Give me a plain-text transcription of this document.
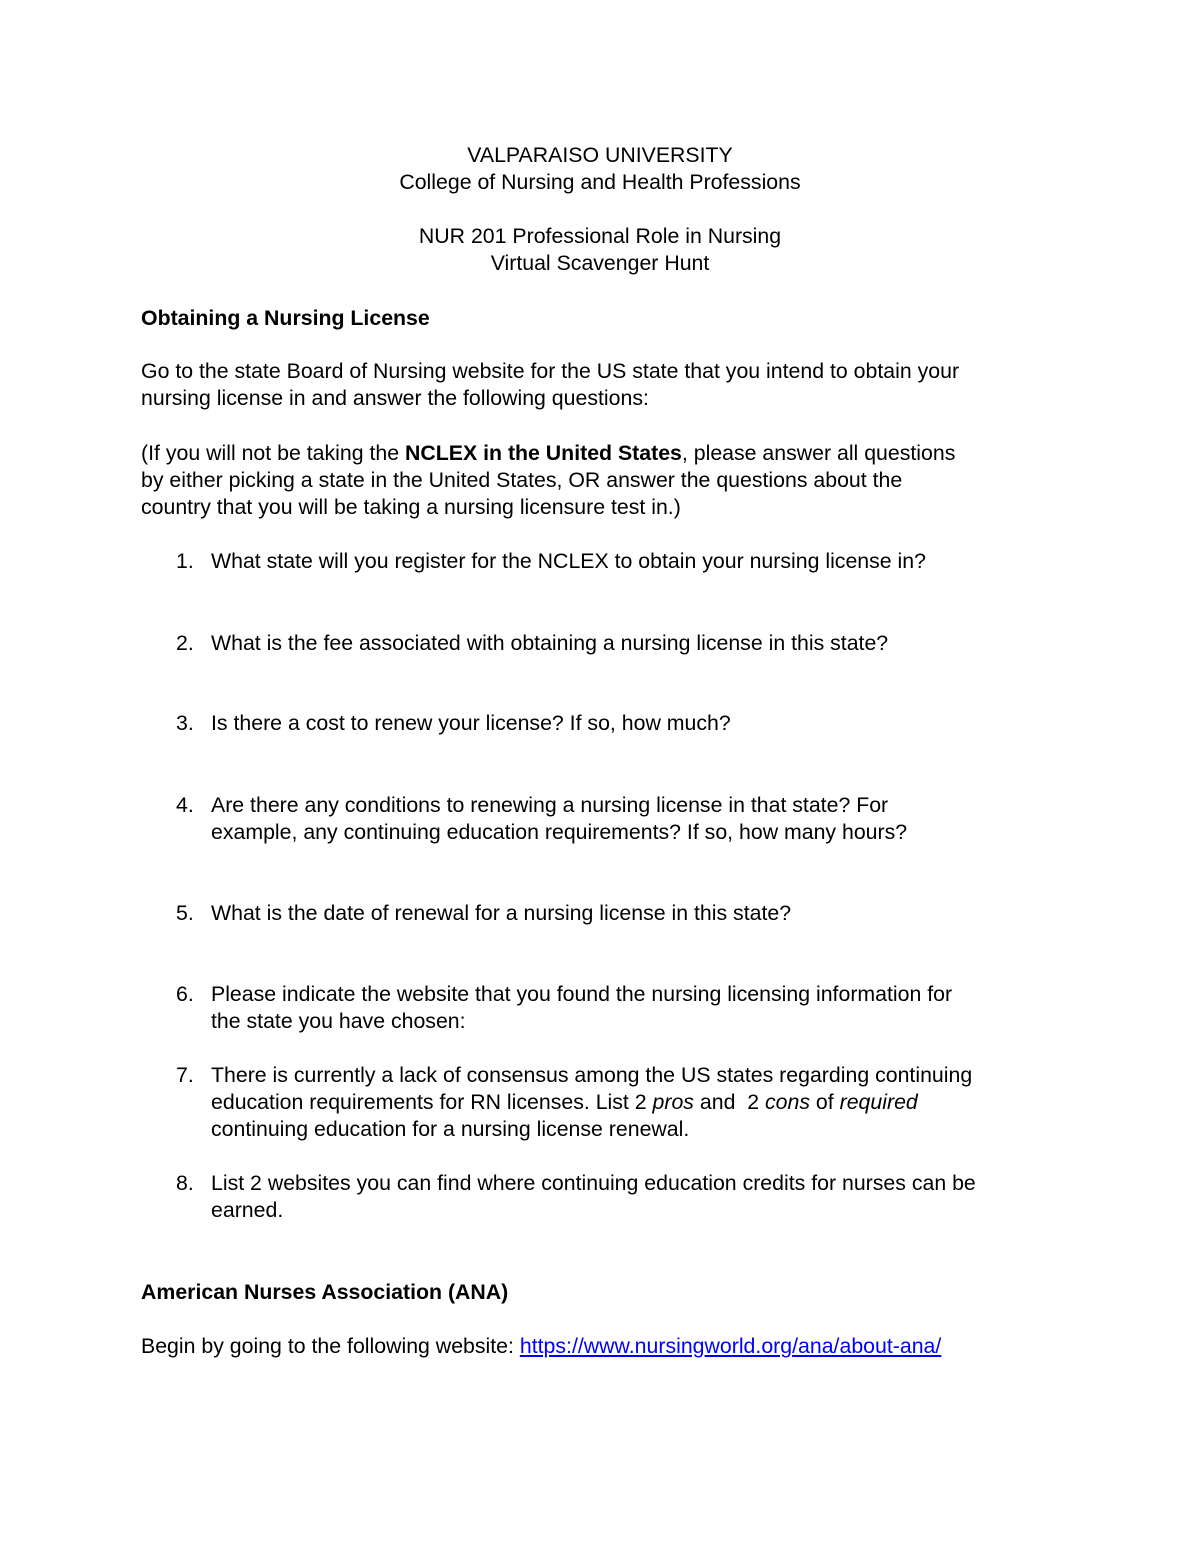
VALPARAISO UNIVERSITY

College of Nursing and Health Professions

NUR 201 Professional Role in Nursing

Virtual Scavenger Hunt

Obtaining a Nursing License

Go to the state Board of Nursing website for the US state that you intend to obtain your

nursing license in and answer the following questions:

(If you will not be taking the NCLEX in the United States, please answer all questions

by either picking a state in the United States, OR answer the questions about the

country that you will be taking a nursing licensure test in.)

1. What state will you register for the NCLEX to obtain your nursing license in?

2. What is the fee associated with obtaining a nursing license in this state?

3. Is there a cost to renew your license? If so, how much?

4. Are there any conditions to renewing a nursing license in that state? For

example, any continuing education requirements? If so, how many hours?

5. What is the date of renewal for a nursing license in this state?

6. Please indicate the website that you found the nursing licensing information for

the state you have chosen:

7. There is currently a lack of consensus among the US states regarding continuing

education requirements for RN licenses. List 2 pros and  2 cons of required

continuing education for a nursing license renewal.

8. List 2 websites you can find where continuing education credits for nurses can be

earned.

American Nurses Association (ANA)

Begin by going to the following website: https://www.nursingworld.org/ana/about-ana/
